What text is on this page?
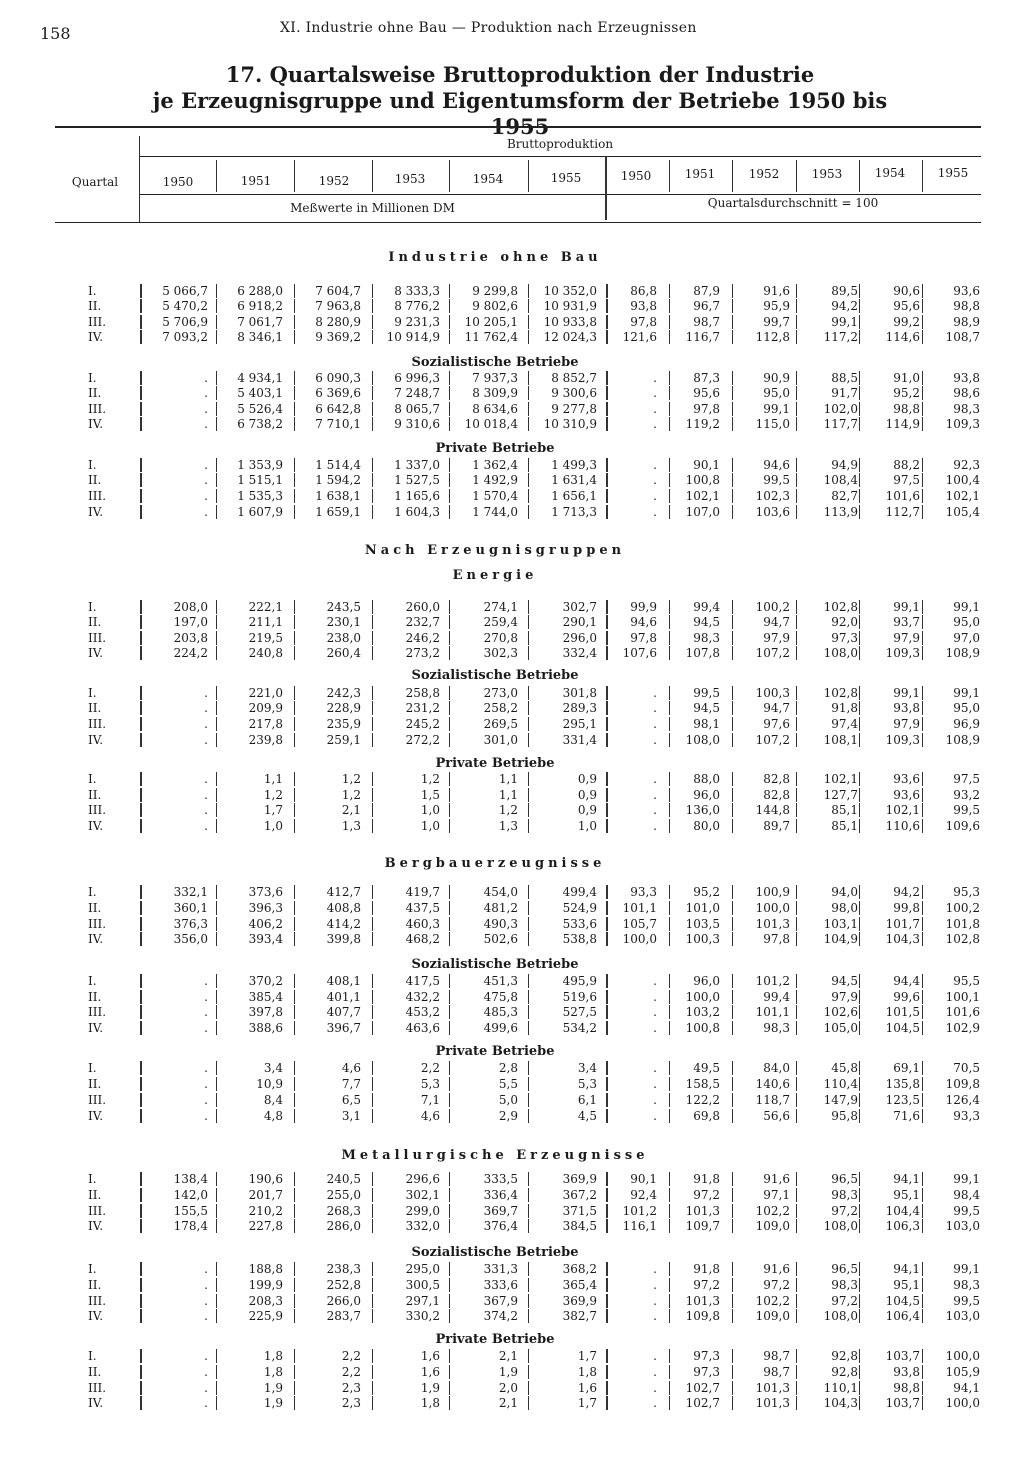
158	XI. Industrie ohne Bau — Produktion nach Erzeugnissen
17. Quartalsweise Bruttoproduktion der Industrie
je Erzeugnisgruppe und Eigentumsform der Betriebe 1950 bis 1955
Quartal
Bruttoproduktion
Meßwerte in Millionen DM	Quartalsdurchschnitt = 100
1950	1951	1952	1953	1954	1955	1950	1951	1952	1953	1954	1955
Industrie ohne Bau
I.	5 066,7	6 288,0	7 604,7	8 333,3	9 299,8	10 352,0	86,8	87,9	91,6	89,5	90,6	93,6
II.	5 470,2	6 918,2	7 963,8	8 776,2	9 802,6	10 931,9	93,8	96,7	95,9	94,2	95,6	98,8
III.	5 706,9	7 061,7	8 280,9	9 231,3	10 205,1	10 933,8	97,8	98,7	99,7	99,1	99,2	98,9
IV.	7 093,2	8 346,1	9 369,2	10 914,9	11 762,4	12 024,3	121,6	116,7	112,8	117,2	114,6	108,7
Sozialistische Betriebe
I.	.	4 934,1	6 090,3	6 996,3	7 937,3	8 852,7	.	87,3	90,9	88,5	91,0	93,8
II.	.	5 403,1	6 369,6	7 248,7	8 309,9	9 300,6	.	95,6	95,0	91,7	95,2	98,6
III.	.	5 526,4	6 642,8	8 065,7	8 634,6	9 277,8	.	97,8	99,1	102,0	98,8	98,3
IV.	.	6 738,2	7 710,1	9 310,6	10 018,4	10 310,9	.	119,2	115,0	117,7	114,9	109,3
Private Betriebe
I.	.	1 353,9	1 514,4	1 337,0	1 362,4	1 499,3	.	90,1	94,6	94,9	88,2	92,3
II.	.	1 515,1	1 594,2	1 527,5	1 492,9	1 631,4	.	100,8	99,5	108,4	97,5	100,4
III.	.	1 535,3	1 638,1	1 165,6	1 570,4	1 656,1	.	102,1	102,3	82,7	101,6	102,1
IV.	.	1 607,9	1 659,1	1 604,3	1 744,0	1 713,3	.	107,0	103,6	113,9	112,7	105,4
Nach Erzeugnisgruppen
Energie
I.	208,0	222,1	243,5	260,0	274,1	302,7	99,9	99,4	100,2	102,8	99,1	99,1
II.	197,0	211,1	230,1	232,7	259,4	290,1	94,6	94,5	94,7	92,0	93,7	95,0
III.	203,8	219,5	238,0	246,2	270,8	296,0	97,8	98,3	97,9	97,3	97,9	97,0
IV.	224,2	240,8	260,4	273,2	302,3	332,4	107,6	107,8	107,2	108,0	109,3	108,9
Sozialistische Betriebe
I.	.	221,0	242,3	258,8	273,0	301,8	.	99,5	100,3	102,8	99,1	99,1
II.	.	209,9	228,9	231,2	258,2	289,3	.	94,5	94,7	91,8	93,8	95,0
III.	.	217,8	235,9	245,2	269,5	295,1	.	98,1	97,6	97,4	97,9	96,9
IV.	.	239,8	259,1	272,2	301,0	331,4	.	108,0	107,2	108,1	109,3	108,9
Private Betriebe
I.	.	1,1	1,2	1,2	1,1	0,9	.	88,0	82,8	102,1	93,6	97,5
II.	.	1,2	1,2	1,5	1,1	0,9	.	96,0	82,8	127,7	93,6	93,2
III.	.	1,7	2,1	1,0	1,2	0,9	.	136,0	144,8	85,1	102,1	99,5
IV.	.	1,0	1,3	1,0	1,3	1,0	.	80,0	89,7	85,1	110,6	109,6
Bergbauerzeugnisse
I.	332,1	373,6	412,7	419,7	454,0	499,4	93,3	95,2	100,9	94,0	94,2	95,3
II.	360,1	396,3	408,8	437,5	481,2	524,9	101,1	101,0	100,0	98,0	99,8	100,2
III.	376,3	406,2	414,2	460,3	490,3	533,6	105,7	103,5	101,3	103,1	101,7	101,8
IV.	356,0	393,4	399,8	468,2	502,6	538,8	100,0	100,3	97,8	104,9	104,3	102,8
Sozialistische Betriebe
I.	.	370,2	408,1	417,5	451,3	495,9	.	96,0	101,2	94,5	94,4	95,5
II.	.	385,4	401,1	432,2	475,8	519,6	.	100,0	99,4	97,9	99,6	100,1
III.	.	397,8	407,7	453,2	485,3	527,5	.	103,2	101,1	102,6	101,5	101,6
IV.	.	388,6	396,7	463,6	499,6	534,2	.	100,8	98,3	105,0	104,5	102,9
Private Betriebe
I.	.	3,4	4,6	2,2	2,8	3,4	.	49,5	84,0	45,8	69,1	70,5
II.	.	10,9	7,7	5,3	5,5	5,3	.	158,5	140,6	110,4	135,8	109,8
III.	.	8,4	6,5	7,1	5,0	6,1	.	122,2	118,7	147,9	123,5	126,4
IV.	.	4,8	3,1	4,6	2,9	4,5	.	69,8	56,6	95,8	71,6	93,3
Metallurgische Erzeugnisse
I.	138,4	190,6	240,5	296,6	333,5	369,9	90,1	91,8	91,6	96,5	94,1	99,1
II.	142,0	201,7	255,0	302,1	336,4	367,2	92,4	97,2	97,1	98,3	95,1	98,4
III.	155,5	210,2	268,3	299,0	369,7	371,5	101,2	101,3	102,2	97,2	104,4	99,5
IV.	178,4	227,8	286,0	332,0	376,4	384,5	116,1	109,7	109,0	108,0	106,3	103,0
Sozialistische Betriebe
I.	.	188,8	238,3	295,0	331,3	368,2	.	91,8	91,6	96,5	94,1	99,1
II.	.	199,9	252,8	300,5	333,6	365,4	.	97,2	97,2	98,3	95,1	98,3
III.	.	208,3	266,0	297,1	367,9	369,9	.	101,3	102,2	97,2	104,5	99,5
IV.	.	225,9	283,7	330,2	374,2	382,7	.	109,8	109,0	108,0	106,4	103,0
Private Betriebe
I.	.	1,8	2,2	1,6	2,1	1,7	.	97,3	98,7	92,8	103,7	100,0
II.	.	1,8	2,2	1,6	1,9	1,8	.	97,3	98,7	92,8	93,8	105,9
III.	.	1,9	2,3	1,9	2,0	1,6	.	102,7	101,3	110,1	98,8	94,1
IV.	.	1,9	2,3	1,8	2,1	1,7	.	102,7	101,3	104,3	103,7	100,0
